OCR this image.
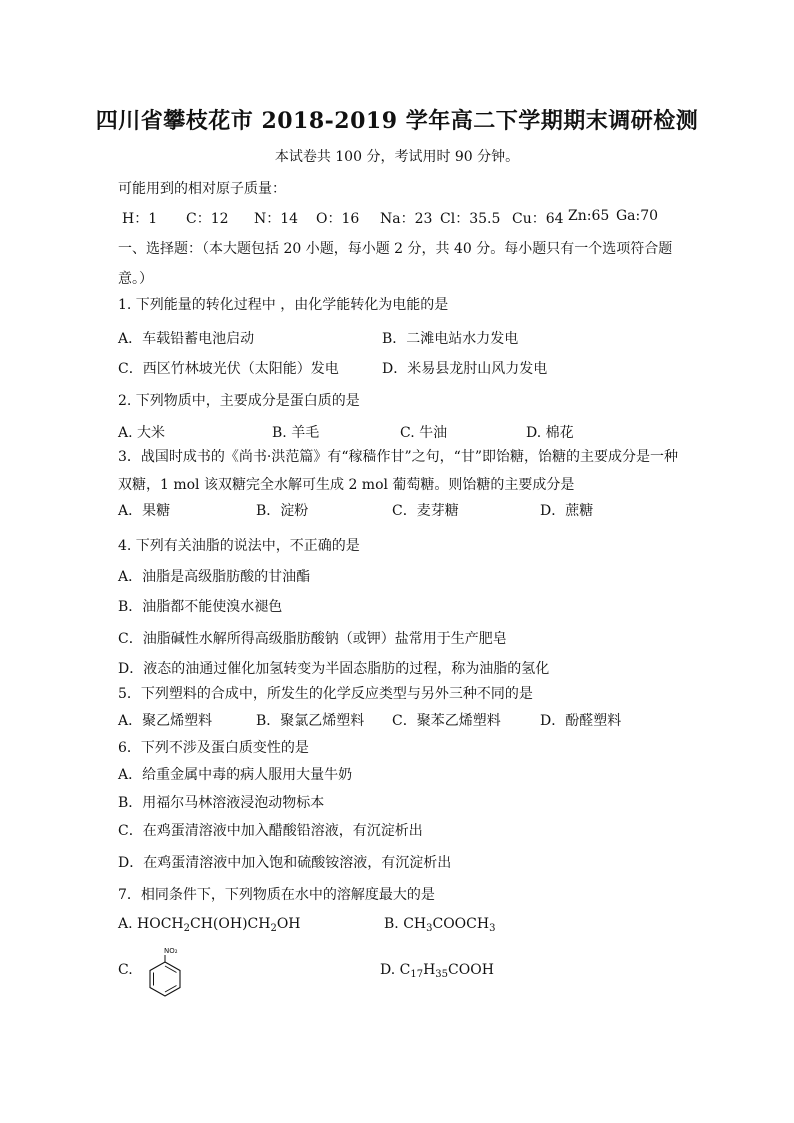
四川省攀枝花市 2018-2019 学年高二下学期期末调研检测
本试卷共 100 分，考试用时 90 分钟。
可能用到的相对原子质量：
H：1 C：12 N：14 O：16 Na：23 Cl：35.5 Cu：64 Zn:65 Ga:70
一、选择题：（本大题包括 20 小题，每小题 2 分，共 40 分。每小题只有一个选项符合题
意。）
1. 下列能量的转化过程中 ，由化学能转化为电能的是
A．车载铅蓄电池启动	B．二滩电站水力发电
C．西区竹林坡光伏（太阳能）发电	D．米易县龙肘山风力发电
2. 下列物质中，主要成分是蛋白质的是
A. 大米	B. 羊毛	C. 牛油	D. 棉花
3．战国时成书的《尚书·洪范篇》有“稼穑作甘”之句，“甘”即饴糖，饴糖的主要成分是一种
双糖，1 mol 该双糖完全水解可生成 2 mol 葡萄糖。则饴糖的主要成分是
A．果糖	B．淀粉	C．麦芽糖	D．蔗糖
4. 下列有关油脂的说法中，不正确的是
A．油脂是高级脂肪酸的甘油酯
B．油脂都不能使溴水褪色
C．油脂碱性水解所得高级脂肪酸钠（或钾）盐常用于生产肥皂
D．液态的油通过催化加氢转变为半固态脂肪的过程，称为油脂的氢化
5．下列塑料的合成中，所发生的化学反应类型与另外三种不同的是
A．聚乙烯塑料	B．聚氯乙烯塑料 C．聚苯乙烯塑料	D．酚醛塑料
6．下列不涉及蛋白质变性的是
A．给重金属中毒的病人服用大量牛奶
B．用福尔马林溶液浸泡动物标本
C．在鸡蛋清溶液中加入醋酸铅溶液，有沉淀析出
D．在鸡蛋清溶液中加入饱和硫酸铵溶液，有沉淀析出
7．相同条件下，下列物质在水中的溶解度最大的是
A. $HOCH_2CH(OH)CH_2OH$	B. $CH_3COOCH_3$
C.
NO₂
D. $C_{17}H_{35}COOH$
